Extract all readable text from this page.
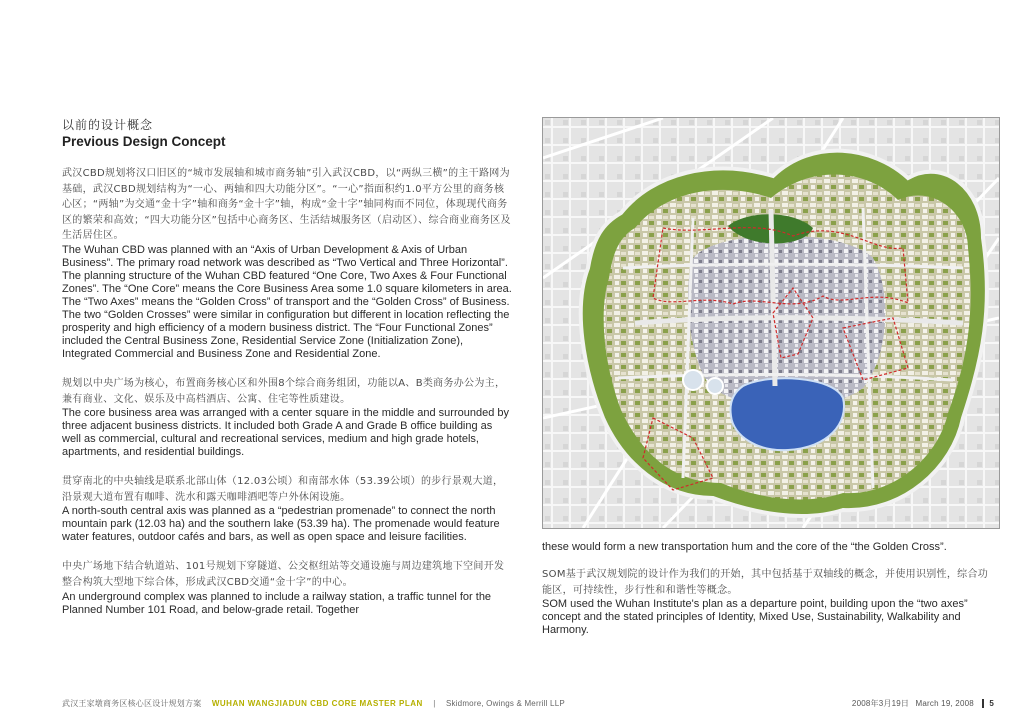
以前的设计概念
Previous Design Concept

武汉CBD规划将汉口旧区的“城市发展轴和城市商务轴”引入武汉CBD，以“两纵三横”的主干路网为基础，武汉CBD规划结构为“一心、两轴和四大功能分区”。“一心”指面积约1.0平方公里的商务核心区；“两轴”为交通“金十字”轴和商务“金十字”轴，构成“金十字”轴同构而不同位，体现现代商务区的繁荣和高效；“四大功能分区”包括中心商务区、生活结城服务区（启动区）、综合商业商务区及生活居住区。

The Wuhan CBD was planned with an “Axis of Urban Development & Axis of Urban Business”. The primary road network was described as “Two Vertical and Three Horizontal”. The planning structure of the Wuhan CBD featured “One Core, Two Axes & Four Functional Zones”. The “One Core” means the Core Business Area some 1.0 square kilometers in area. The “Two Axes” means the “Golden Cross” of transport and the “Golden Cross” of Business. The two “Golden Crosses” were similar in configuration but different in location reflecting the prosperity and high efficiency of a modern business district. The “Four Functional Zones” included the Central Business Zone, Residential Service Zone (Initialization Zone), Integrated Commercial and Business Zone and Residential Zone.

规划以中央广场为核心，布置商务核心区和外围8个综合商务组团，功能以A、B类商务办公为主，兼有商业、文化、娱乐及中高档酒店、公寓、住宅等性质建设。

The core business area was arranged with a center square in the middle and surrounded by three adjacent business districts. It included both Grade A and Grade B office building as well as commercial, cultural and recreational services, medium and high grade hotels, apartments, and residential buildings.

贯穿南北的中央轴线是联系北部山体（12.03公顷）和南部水体（53.39公顷）的步行景观大道，沿景观大道布置有咖啡、洗水和露天咖啡酒吧等户外休闲设施。

A north-south central axis was planned as a “pedestrian promenade” to connect the north mountain park (12.03 ha) and the southern lake (53.39 ha). The promenade would feature water features, outdoor cafés and bars, as well as open space and leisure facilities.

中央广场地下结合轨道站、101号规划下穿隧道、公交枢纽站等交通设施与周边建筑地下空间开发整合构筑大型地下综合体，形成武汉CBD交通“金十字”的中心。

An underground complex was planned to include a railway station, a traffic tunnel for the Planned Number 101 Road, and below-grade retail. Together

these would form a new transportation hum and the core of the “the Golden Cross”.

SOM基于武汉规划院的设计作为我们的开始，其中包括基于双轴线的概念，并使用识别性，综合功能区，可持续性，步行性和和谐性等概念。

SOM used the Wuhan Institute's plan as a departure point, building upon the “two axes” concept and the stated principles of Identity, Mixed Use, Sustainability, Walkability and Harmony.

武汉王家墩商务区核心区设计规划方案 WUHAN WANGJIADUN CBD CORE MASTER PLAN | Skidmore, Owings & Merrill LLP	2008年3月19日 March 19, 2008 5
